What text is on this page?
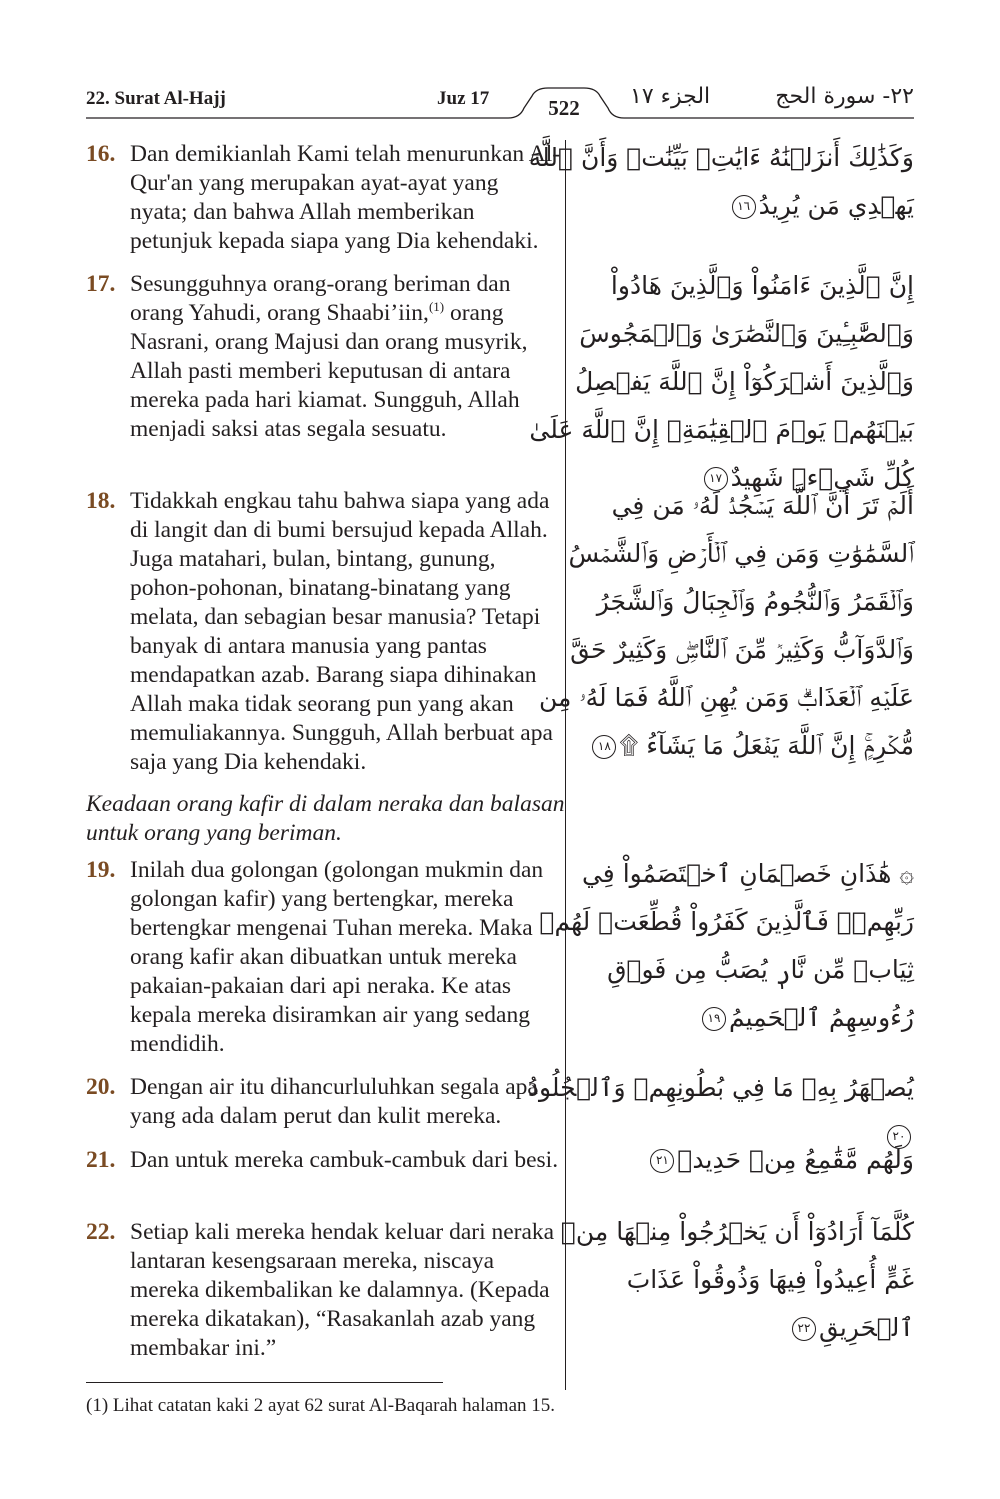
22. Surat Al-Hajj	Juz 17	522	الجزء ١٧	٢٢- سورة الحج
16. Dan demikianlah Kami telah menurunkan Al-Qur'an yang merupakan ayat-ayat yang nyata; dan bahwa Allah memberikan petunjuk kepada siapa yang Dia kehendaki.
17. Sesungguhnya orang-orang beriman dan orang Yahudi, orang Shaabi’iin,$^{(1)}$ orang Nasrani, orang Majusi dan orang musyrik, Allah pasti memberi keputusan di antara mereka pada hari kiamat. Sungguh, Allah menjadi saksi atas segala sesuatu.
18. Tidakkah engkau tahu bahwa siapa yang ada di langit dan di bumi bersujud kepada Allah. Juga matahari, bulan, bintang, gunung, pohon-pohonan, binatang-binatang yang melata, dan sebagian besar manusia? Tetapi banyak di antara manusia yang pantas mendapatkan azab. Barang siapa dihinakan Allah maka tidak seorang pun yang akan memuliakannya. Sungguh, Allah berbuat apa saja yang Dia kehendaki.
Keadaan orang kafir di dalam neraka dan balasan untuk orang yang beriman.
19. Inilah dua golongan (golongan mukmin dan golongan kafir) yang bertengkar, mereka bertengkar mengenai Tuhan mereka. Maka orang kafir akan dibuatkan untuk mereka pakaian-pakaian dari api neraka. Ke atas kepala mereka disiramkan air yang sedang mendidih.
20. Dengan air itu dihancurluluhkan segala apa yang ada dalam perut dan kulit mereka.
21. Dan untuk mereka cambuk-cambuk dari besi.
22. Setiap kali mereka hendak keluar dari neraka lantaran kesengsaraan mereka, niscaya mereka dikembalikan ke dalamnya. (Kepada mereka dikatakan), “Rasakanlah azab yang membakar ini.”
وَكَذَٰلِكَ أَنزَلۡنَٰهُ ءَايَٰتِۭ بَيِّنَٰتٖ وَأَنَّ ٱللَّهَ يَهۡدِي مَن يُرِيدُ١٦
إِنَّ ٱلَّذِينَ ءَامَنُواْ وَٱلَّذِينَ هَادُواْ وَٱلصَّٰبِـِٔينَ وَٱلنَّصَٰرَىٰ وَٱلۡمَجُوسَ وَٱلَّذِينَ أَشۡرَكُوٓاْ إِنَّ ٱللَّهَ يَفۡصِلُ بَيۡنَهُمۡ يَوۡمَ ٱلۡقِيَٰمَةِۚ إِنَّ ٱللَّهَ عَلَىٰ كُلِّ شَيۡءٖ شَهِيدٌ١٧
أَلَمۡ تَرَ أَنَّ ٱللَّهَ يَسۡجُدُۤ لَهُۥ مَن فِي ٱلسَّمَٰوَٰتِ وَمَن فِي ٱلۡأَرۡضِ وَٱلشَّمۡسُ وَٱلۡقَمَرُ وَٱلنُّجُومُ وَٱلۡجِبَالُ وَٱلشَّجَرُ وَٱلدَّوَآبُّ وَكَثِيرٞ مِّنَ ٱلنَّاسِۖ وَكَثِيرٌ حَقَّ عَلَيۡهِ ٱلۡعَذَابُۗ وَمَن يُهِنِ ٱللَّهُ فَمَا لَهُۥ مِن مُّكۡرِمٍۚ إِنَّ ٱللَّهَ يَفۡعَلُ مَا يَشَآءُ ۩١٨
۞ هَٰذَانِ خَصۡمَانِ ٱخۡتَصَمُواْ فِي رَبِّهِمۡۖ فَٱلَّذِينَ كَفَرُواْ قُطِّعَتۡ لَهُمۡ ثِيَابٞ مِّن نَّارٖ يُصَبُّ مِن فَوۡقِ رُءُوسِهِمُ ٱلۡحَمِيمُ١٩
يُصۡهَرُ بِهِۦ مَا فِي بُطُونِهِمۡ وَٱلۡجُلُودُ٢٠
وَلَهُم مَّقَٰمِعُ مِنۡ حَدِيدٖ٢١
كُلَّمَآ أَرَادُوٓاْ أَن يَخۡرُجُواْ مِنۡهَا مِنۡ غَمٍّ أُعِيدُواْ فِيهَا وَذُوقُواْ عَذَابَ ٱلۡحَرِيقِ٢٢
(1) Lihat catatan kaki 2 ayat 62 surat Al-Baqarah halaman 15.
